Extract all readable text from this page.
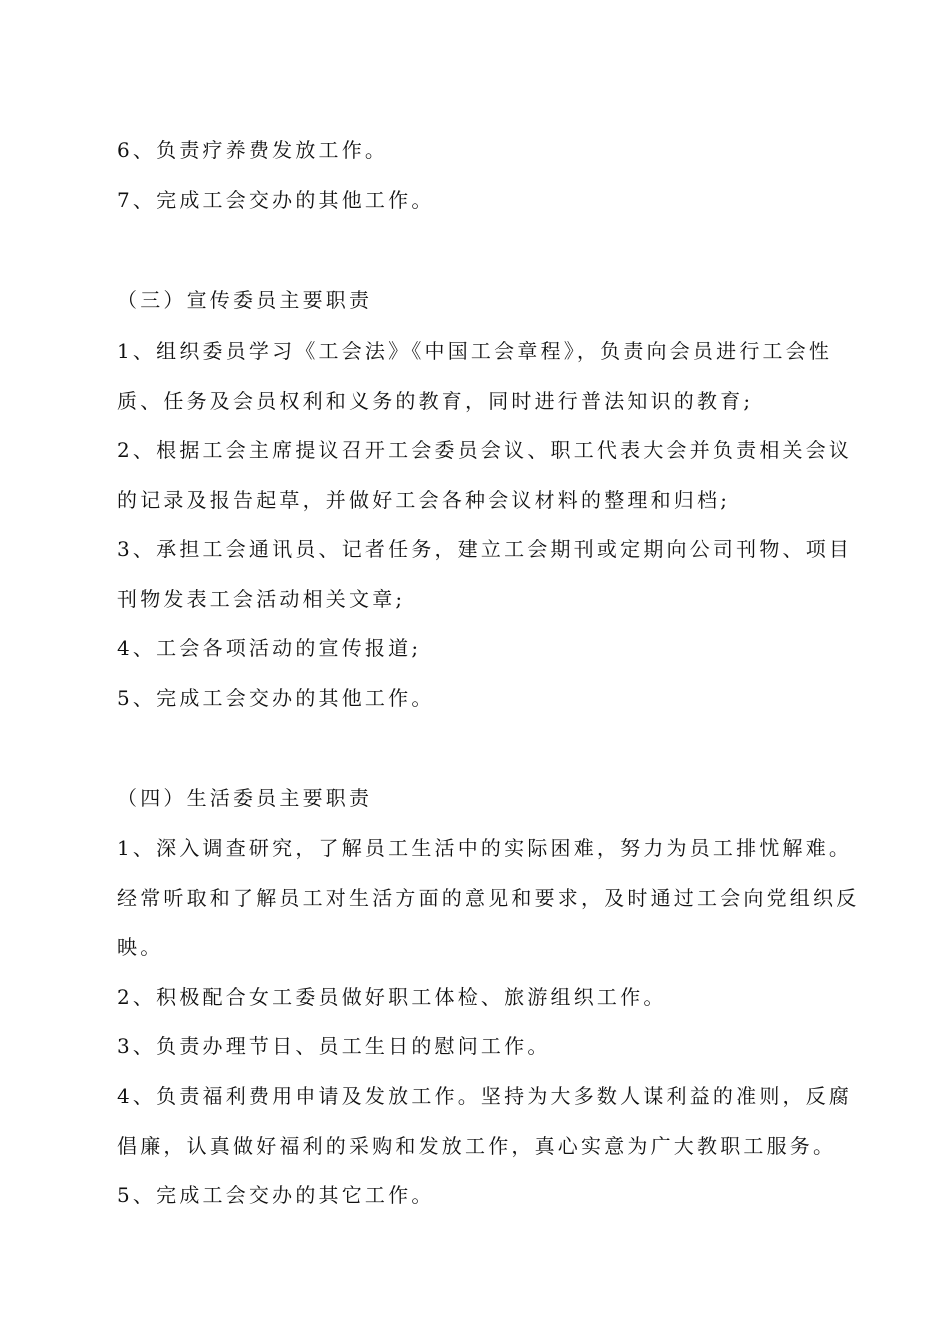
6、负责疗养费发放工作。
7、完成工会交办的其他工作。
（三）宣传委员主要职责
1、组织委员学习《工会法》《中国工会章程》，负责向会员进行工会性
质、任务及会员权利和义务的教育，同时进行普法知识的教育;
2、根据工会主席提议召开工会委员会议、职工代表大会并负责相关会议
的记录及报告起草，并做好工会各种会议材料的整理和归档;
3、承担工会通讯员、记者任务，建立工会期刊或定期向公司刊物、项目
刊物发表工会活动相关文章;
4、工会各项活动的宣传报道;
5、完成工会交办的其他工作。
（四）生活委员主要职责
1、深入调查研究，了解员工生活中的实际困难，努力为员工排忧解难。
经常听取和了解员工对生活方面的意见和要求，及时通过工会向党组织反
映。
2、积极配合女工委员做好职工体检、旅游组织工作。
3、负责办理节日、员工生日的慰问工作。
4、负责福利费用申请及发放工作。坚持为大多数人谋利益的准则，反腐
倡廉，认真做好福利的采购和发放工作，真心实意为广大教职工服务。
5、完成工会交办的其它工作。
